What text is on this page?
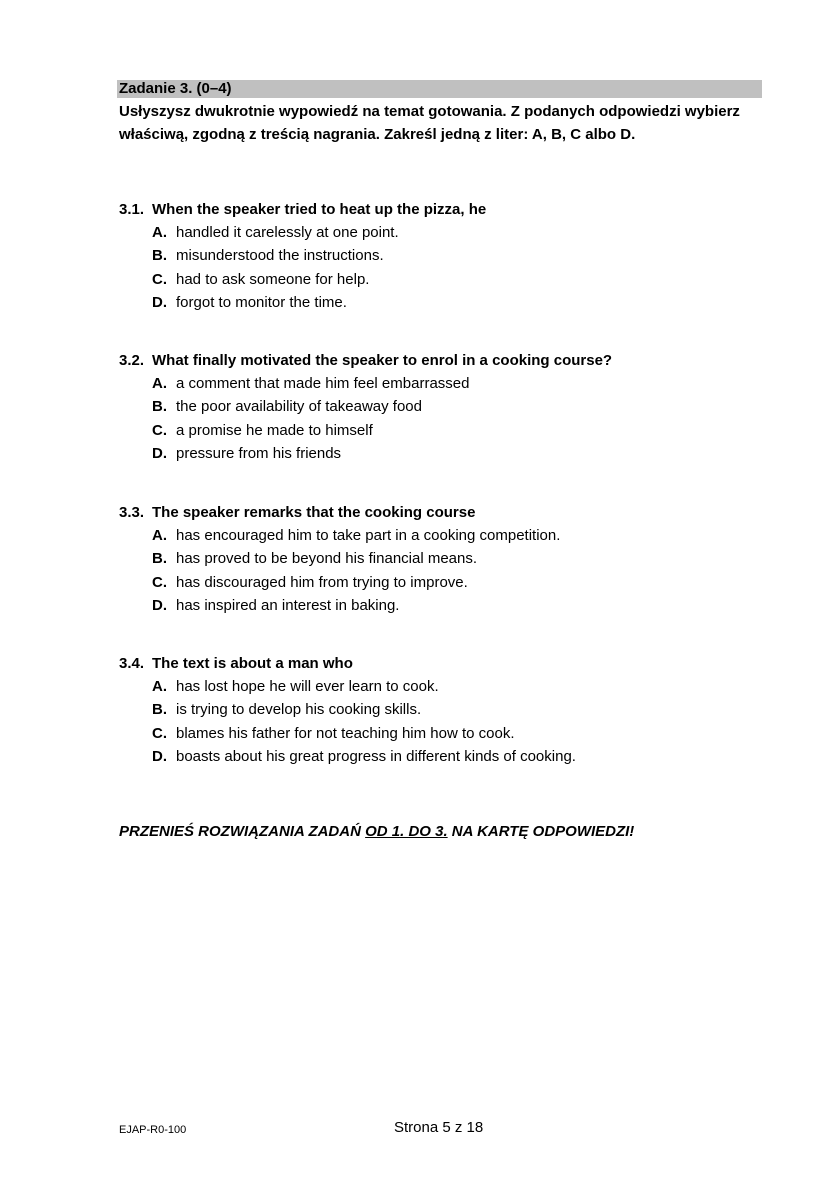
Zadanie 3. (0–4)
Usłyszysz dwukrotnie wypowiedź na temat gotowania. Z podanych odpowiedzi wybierz właściwą, zgodną z treścią nagrania. Zakreśl jedną z liter: A, B, C albo D.
3.1. When the speaker tried to heat up the pizza, he
A. handled it carelessly at one point.
B. misunderstood the instructions.
C. had to ask someone for help.
D. forgot to monitor the time.
3.2. What finally motivated the speaker to enrol in a cooking course?
A. a comment that made him feel embarrassed
B. the poor availability of takeaway food
C. a promise he made to himself
D. pressure from his friends
3.3. The speaker remarks that the cooking course
A. has encouraged him to take part in a cooking competition.
B. has proved to be beyond his financial means.
C. has discouraged him from trying to improve.
D. has inspired an interest in baking.
3.4. The text is about a man who
A. has lost hope he will ever learn to cook.
B. is trying to develop his cooking skills.
C. blames his father for not teaching him how to cook.
D. boasts about his great progress in different kinds of cooking.
PRZENIEŚ ROZWIĄZANIA ZADAŃ OD 1. DO 3. NA KARTĘ ODPOWIEDZI!
EJAP-R0-100	Strona 5 z 18
